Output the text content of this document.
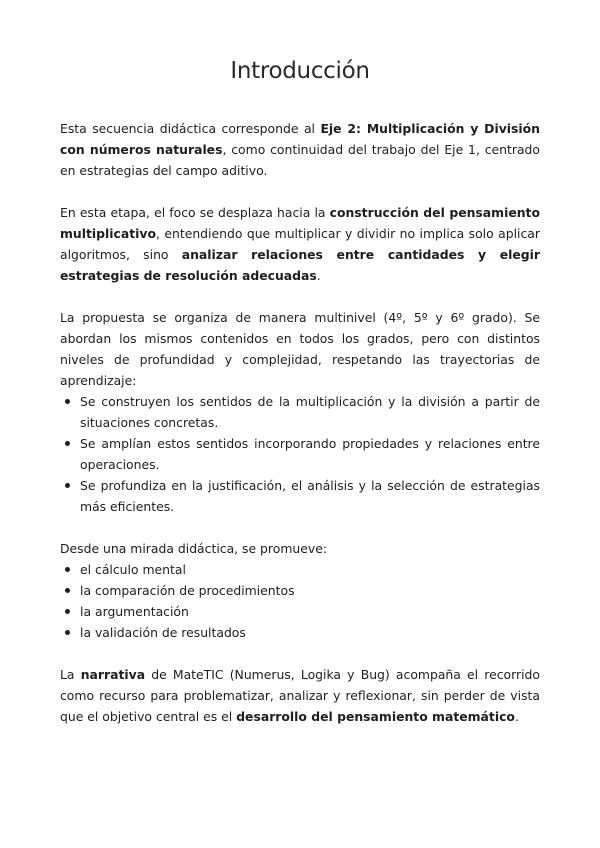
Introducción

Esta secuencia didáctica corresponde al Eje 2: Multiplicación y División con números naturales, como continuidad del trabajo del Eje 1, centrado en estrategias del campo aditivo.

En esta etapa, el foco se desplaza hacia la construcción del pensamiento multiplicativo, entendiendo que multiplicar y dividir no implica solo aplicar algoritmos, sino analizar relaciones entre cantidades y elegir estrategias de resolución adecuadas.

La propuesta se organiza de manera multinivel (4º, 5º y 6º grado). Se abordan los mismos contenidos en todos los grados, pero con distintos niveles de profundidad y complejidad, respetando las trayectorias de aprendizaje:

Se construyen los sentidos de la multiplicación y la división a partir de situaciones concretas.
Se amplían estos sentidos incorporando propiedades y relaciones entre operaciones.
Se profundiza en la justificación, el análisis y la selección de estrategias más eficientes.

Desde una mirada didáctica, se promueve:

el cálculo mental
la comparación de procedimientos
la argumentación
la validación de resultados

La narrativa de MateTIC (Numerus, Logika y Bug) acompaña el recorrido como recurso para problematizar, analizar y reflexionar, sin perder de vista que el objetivo central es el desarrollo del pensamiento matemático.
